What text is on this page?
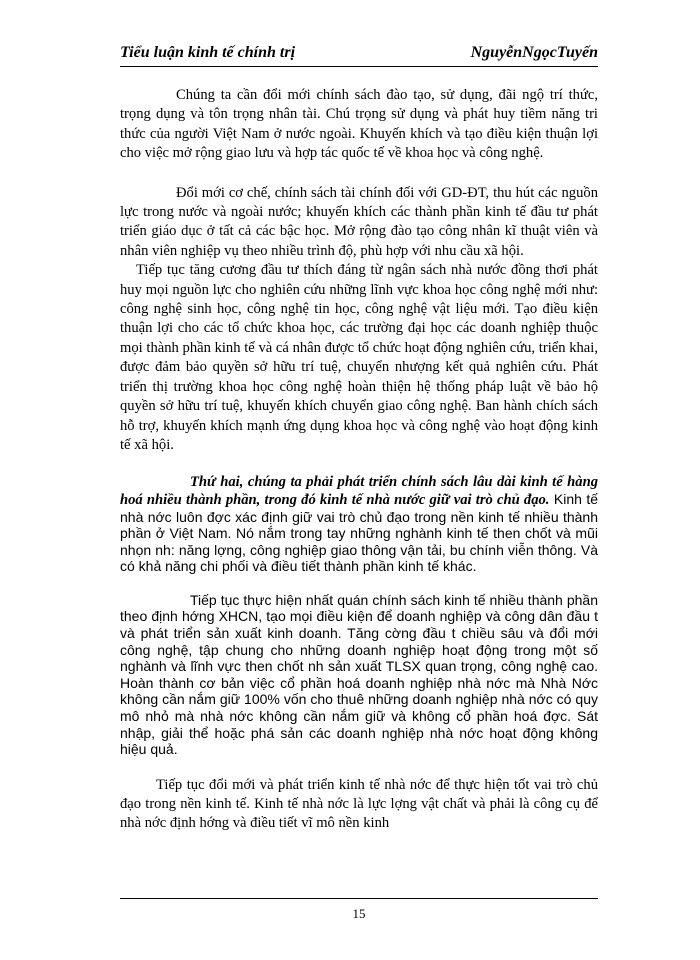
Tiểu luận kinh tế chính trị	NguyễnNgọcTuyến

Chúng ta cần đổi mới chính sách đào tạo, sử dụng, đãi ngộ trí thức, trọng dụng và tôn trọng nhân tài. Chú trọng sử dụng và phát huy tiềm năng tri thức của người Việt Nam ở nước ngoài. Khuyến khích và tạo điều kiện thuận lợi cho việc mở rộng giao lưu và hợp tác quốc tế về khoa học và công nghệ.

Đổi mới cơ chế, chính sách tài chính đối với GD-ĐT, thu hút các nguồn lực trong nước và ngoài nước; khuyến khích các thành phần kinh tế đầu tư phát triển giáo dục ở tất cả các bậc học. Mở rộng đào tạo công nhân kĩ thuật viên và nhân viên nghiệp vụ theo nhiều trình độ, phù hợp với nhu cầu xã hội.

Tiếp tục tăng cương đầu tư thích đáng từ ngân sách nhà nước đồng thơi phát huy mọi nguồn lực cho nghiên cứu những lĩnh vực khoa học công nghệ mới như: công nghệ sinh học, công nghệ tin học, công nghệ vật liệu mới. Tạo điều kiện thuận lợi cho các tổ chức khoa học, các trường đại học các doanh nghiệp thuộc mọi thành phần kinh tế và cá nhân được tổ chức hoạt động nghiên cứu, triển khai, được đảm bảo quyền sở hữu trí tuệ, chuyển nhượng kết quả nghiên cứu. Phát triển thị trường khoa học công nghệ hoàn thiện hệ thống pháp luật về bảo hộ quyền sở hữu trí tuệ, khuyến khích chuyển giao công nghệ. Ban hành chích sách hỗ trợ, khuyến khích mạnh ứng dụng khoa học và công nghệ vào hoạt động kinh tế xã hội.

Thứ hai, chúng ta phải phát triển chính sách lâu dài kinh tế hàng hoá nhiều thành phần, trong đó kinh tế nhà nước giữ vai trò chủ đạo. Kinh tế nhà nớc luôn đợc xác định giữ vai trò chủ đạo trong nền kinh tế nhiều thành phần ở Việt Nam. Nó nắm trong tay những nghành kinh tế then chốt và mũi nhọn nh: năng lợng, công nghiệp giao thông vận tải, bu chính viễn thông. Và có khả năng chi phối và điều tiết thành phần kinh tế khác.

Tiếp tục thực hiện nhất quán chính sách kinh tế nhiều thành phần theo định hớng XHCN, tạo mọi điều kiện để doanh nghiệp và công dân đầu t và phát triển sản xuất kinh doanh. Tăng cờng đầu t chiều sâu và đổi mới công nghệ, tập chung cho những doanh nghiệp hoạt động trong một số nghành và lĩnh vực then chốt nh sản xuất TLSX quan trọng, công nghệ cao. Hoàn thành cơ bản việc cổ phần hoá doanh nghiệp nhà nớc mà Nhà Nớc không cần nắm giữ 100% vốn cho thuê những doanh nghiệp nhà nớc có quy mô nhỏ mà nhà nớc không cần nắm giữ và không cổ phần hoá đợc. Sát nhập, giải thể hoặc phá sản các doanh nghiệp nhà nớc hoạt động không hiệu quả.

Tiếp tục đổi mới và phát triển kinh tế nhà nớc để thực hiện tốt vai trò chủ đạo trong nền kinh tế. Kinh tế nhà nớc là lực lợng vật chất và phải là công cụ để nhà nớc định hớng và điều tiết vĩ mô nền kinh

15
